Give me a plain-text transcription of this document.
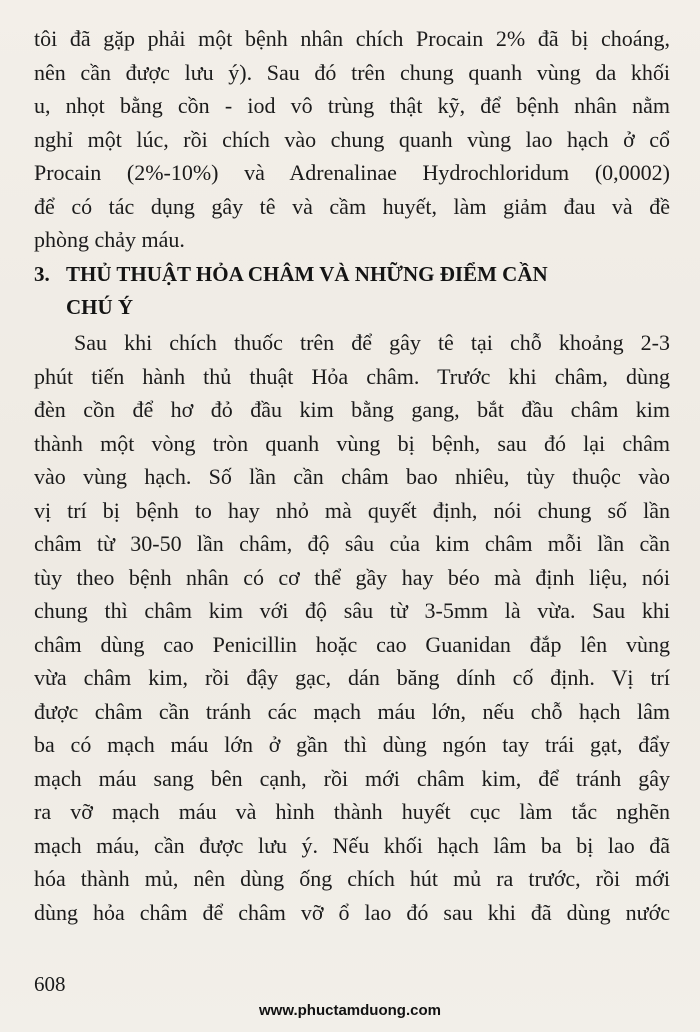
tôi đã gặp phải một bệnh nhân chích Procain 2% đã bị choáng,
nên cần được lưu ý). Sau đó trên chung quanh vùng da khối
u, nhọt bằng cồn - iod vô trùng thật kỹ, để bệnh nhân nằm
nghỉ một lúc, rồi chích vào chung quanh vùng lao hạch ở cổ
Procain (2%-10%) và Adrenalinae Hydrochloridum (0,0002)
để có tác dụng gây tê và cầm huyết, làm giảm đau và đề
phòng chảy máu.
3. THỦ THUẬT HỎA CHÂM VÀ NHỮNG ĐIỂM CẦN
CHÚ Ý
Sau khi chích thuốc trên để gây tê tại chỗ khoảng 2-3
phút tiến hành thủ thuật Hỏa châm. Trước khi châm, dùng
đèn cồn để hơ đỏ đầu kim bằng gang, bắt đầu châm kim
thành một vòng tròn quanh vùng bị bệnh, sau đó lại châm
vào vùng hạch. Số lần cần châm bao nhiêu, tùy thuộc vào
vị trí bị bệnh to hay nhỏ mà quyết định, nói chung số lần
châm từ 30-50 lần châm, độ sâu của kim châm mỗi lần cần
tùy theo bệnh nhân có cơ thể gầy hay béo mà định liệu, nói
chung thì châm kim với độ sâu từ 3-5mm là vừa. Sau khi
châm dùng cao Penicillin hoặc cao Guanidan đắp lên vùng
vừa châm kim, rồi đậy gạc, dán băng dính cố định. Vị trí
được châm cần tránh các mạch máu lớn, nếu chỗ hạch lâm
ba có mạch máu lớn ở gần thì dùng ngón tay trái gạt, đẩy
mạch máu sang bên cạnh, rồi mới châm kim, để tránh gây
ra vỡ mạch máu và hình thành huyết cục làm tắc nghẽn
mạch máu, cần được lưu ý. Nếu khối hạch lâm ba bị lao đã
hóa thành mủ, nên dùng ống chích hút mủ ra trước, rồi mới
dùng hỏa châm để châm vỡ ổ lao đó sau khi đã dùng nước
608
www.phuctamduong.com
